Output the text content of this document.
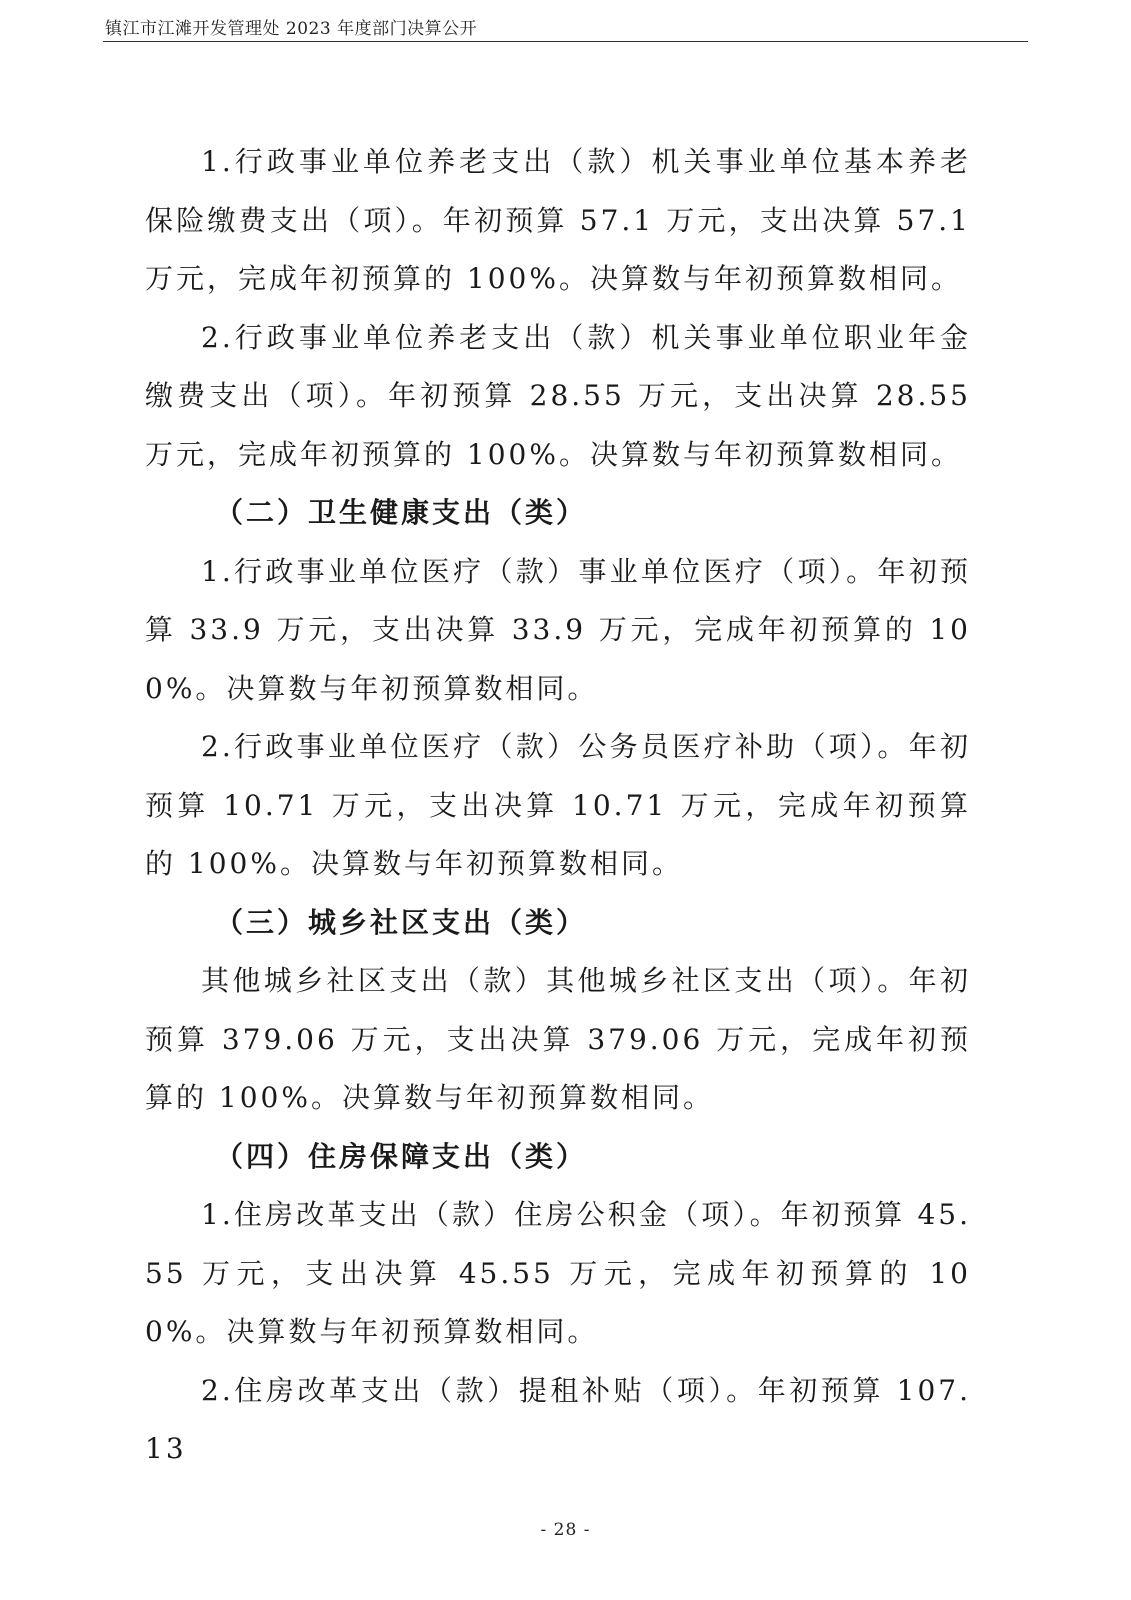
镇江市江滩开发管理处 2023 年度部门决算公开

1.行政事业单位养老支出（款）机关事业单位基本养老保险缴费支出（项）。年初预算 57.1 万元，支出决算 57.1 万元，完成年初预算的 100%。决算数与年初预算数相同。

2.行政事业单位养老支出（款）机关事业单位职业年金缴费支出（项）。年初预算 28.55 万元，支出决算 28.55 万元，完成年初预算的 100%。决算数与年初预算数相同。

（二）卫生健康支出（类）

1.行政事业单位医疗（款）事业单位医疗（项）。年初预算 33.9 万元，支出决算 33.9 万元，完成年初预算的 100%。决算数与年初预算数相同。

2.行政事业单位医疗（款）公务员医疗补助（项）。年初预算 10.71 万元，支出决算 10.71 万元，完成年初预算的 100%。决算数与年初预算数相同。

（三）城乡社区支出（类）

其他城乡社区支出（款）其他城乡社区支出（项）。年初预算 379.06 万元，支出决算 379.06 万元，完成年初预算的 100%。决算数与年初预算数相同。

（四）住房保障支出（类）

1.住房改革支出（款）住房公积金（项）。年初预算 45.55 万元，支出决算 45.55 万元，完成年初预算的 100%。决算数与年初预算数相同。

2.住房改革支出（款）提租补贴（项）。年初预算 107.13

- 28 -
